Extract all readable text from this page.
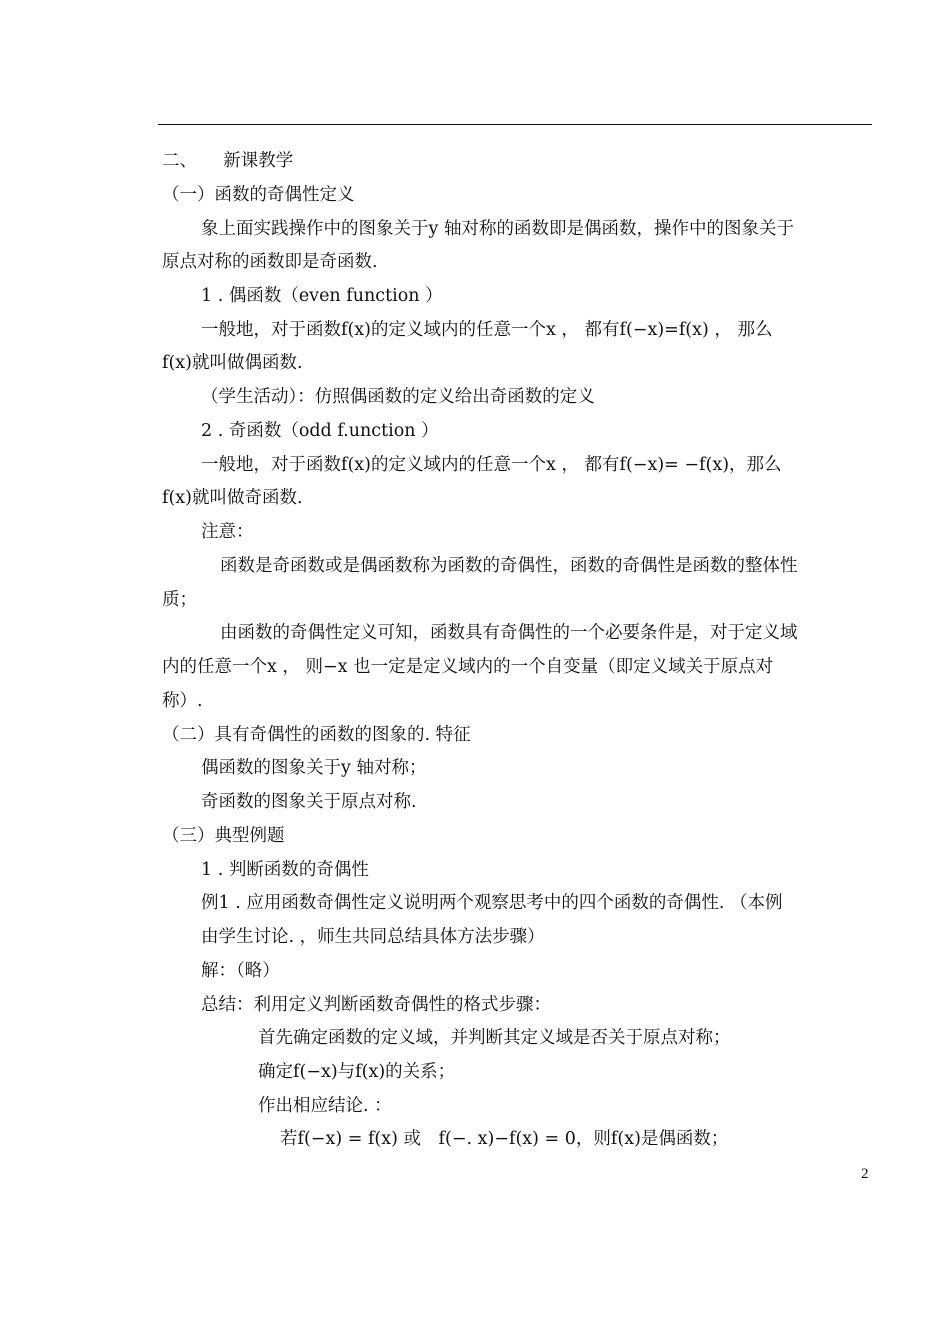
二、　　新课教学
（一）函数的奇偶性定义
象上面实践操作中的图象关于y 轴对称的函数即是偶函数，操作中的图象关于
原点对称的函数即是奇函数.
1 . 偶函数（even function ）
一般地，对于函数f(x)的定义域内的任意一个x ， 都有f(−x)=f(x) ， 那么
f(x)就叫做偶函数.
（学生活动）：仿照偶函数的定义给出奇函数的定义
2 . 奇函数（odd f.unction ）
一般地，对于函数f(x)的定义域内的任意一个x ， 都有f(−x)= −f(x)，那么
f(x)就叫做奇函数.
注意：
函数是奇函数或是偶函数称为函数的奇偶性，函数的奇偶性是函数的整体性
质；
由函数的奇偶性定义可知，函数具有奇偶性的一个必要条件是，对于定义域
内的任意一个x ， 则−x 也一定是定义域内的一个自变量（即定义域关于原点对
称）.
（二）具有奇偶性的函数的图象的. 特征
偶函数的图象关于y 轴对称；
奇函数的图象关于原点对称.
（三）典型例题
1 . 判断函数的奇偶性
例1 . 应用函数奇偶性定义说明两个观察思考中的四个函数的奇偶性. （本例
由学生讨论. ，师生共同总结具体方法步骤）
解：（略）
总结：利用定义判断函数奇偶性的格式步骤：
首先确定函数的定义域，并判断其定义域是否关于原点对称；
确定f(−x)与f(x)的关系；
作出相应结论. ：
若f(−x) = f(x) 或　f(−. x)−f(x) = 0，则f(x)是偶函数；
2
